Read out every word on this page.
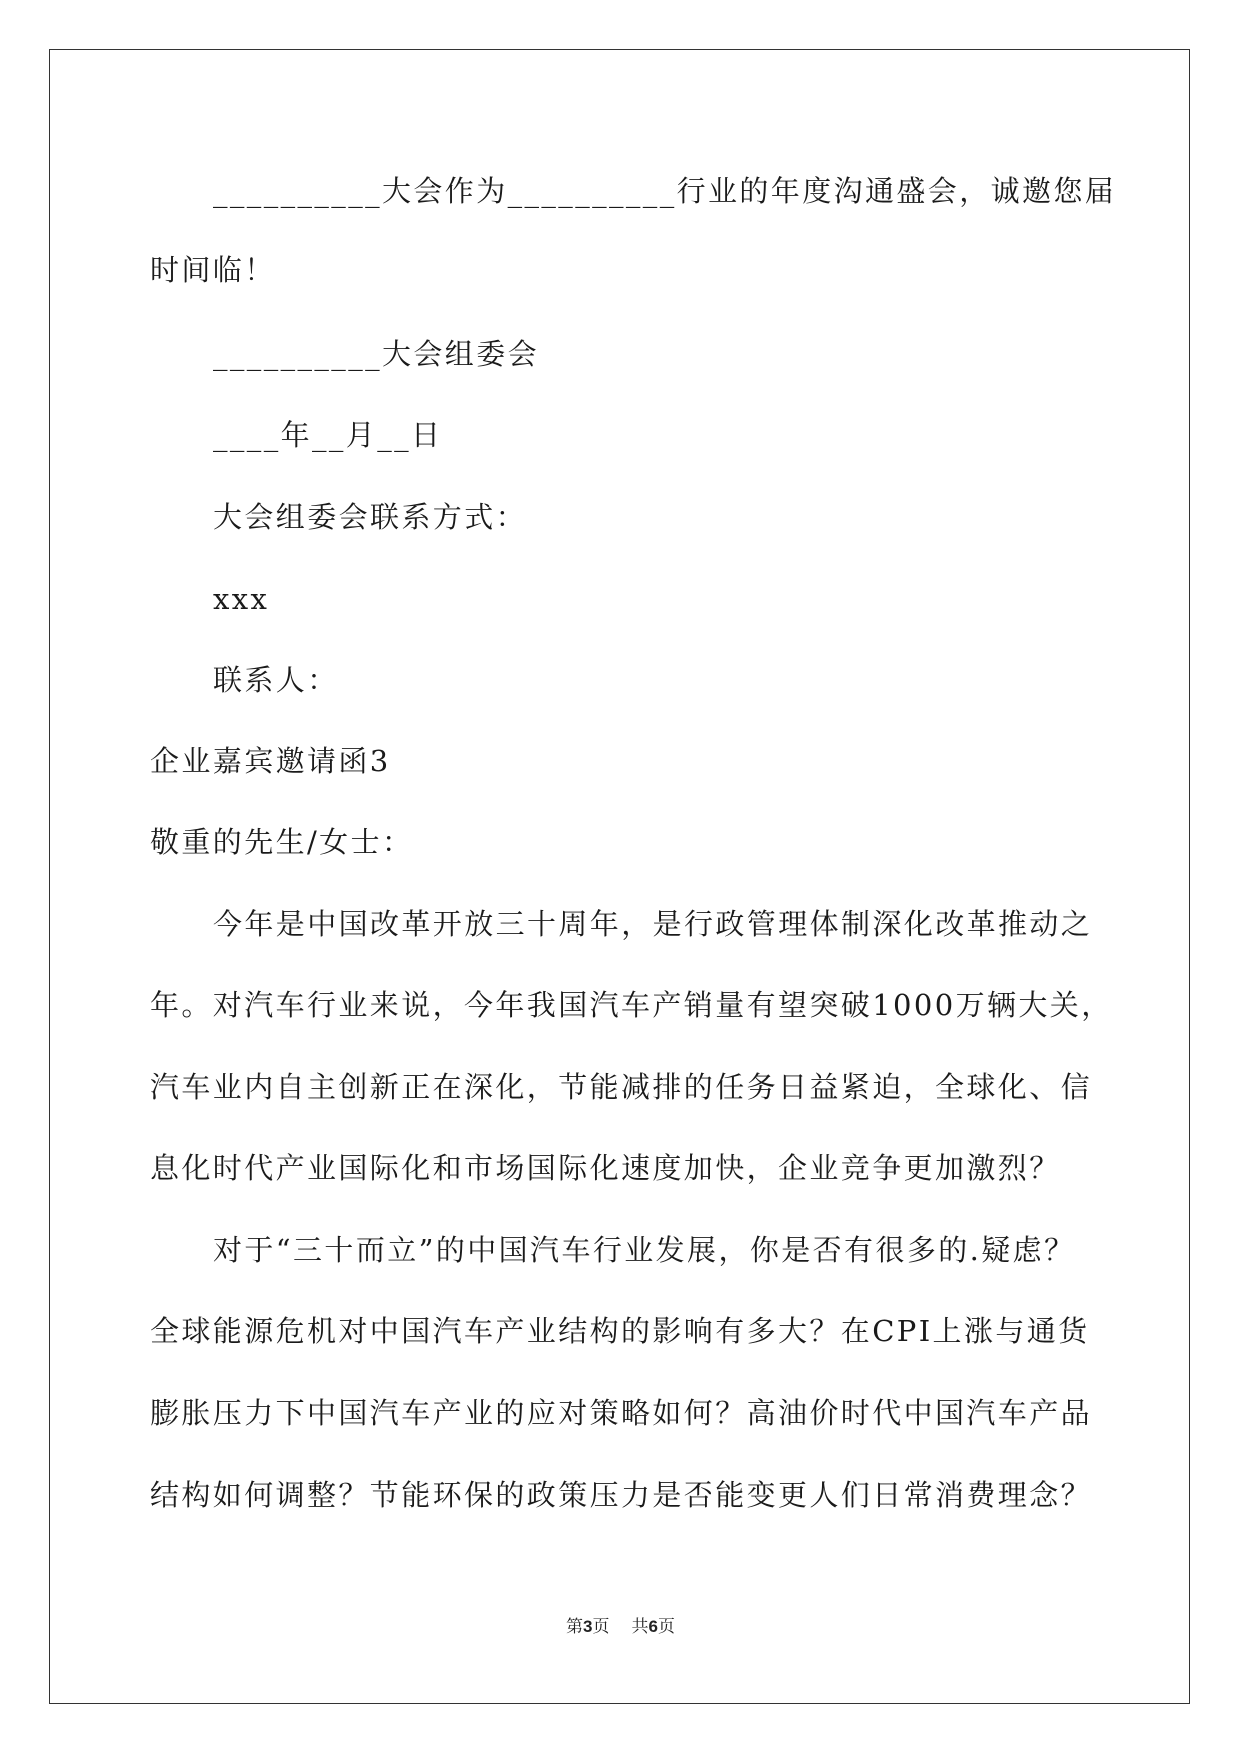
__________大会作为__________行业的年度沟通盛会，诚邀您届
时间临！
__________大会组委会
____年__月__日
大会组委会联系方式：
xxx
联系人：
企业嘉宾邀请函3
敬重的先生/女士：
今年是中国改革开放三十周年，是行政管理体制深化改革推动之
年。对汽车行业来说，今年我国汽车产销量有望突破1000万辆大关，
汽车业内自主创新正在深化，节能减排的任务日益紧迫，全球化、信
息化时代产业国际化和市场国际化速度加快，企业竞争更加激烈？
对于“三十而立”的中国汽车行业发展，你是否有很多的.疑虑？
全球能源危机对中国汽车产业结构的影响有多大？在CPI上涨与通货
膨胀压力下中国汽车产业的应对策略如何？高油价时代中国汽车产品
结构如何调整？节能环保的政策压力是否能变更人们日常消费理念？
第3页 共6页
